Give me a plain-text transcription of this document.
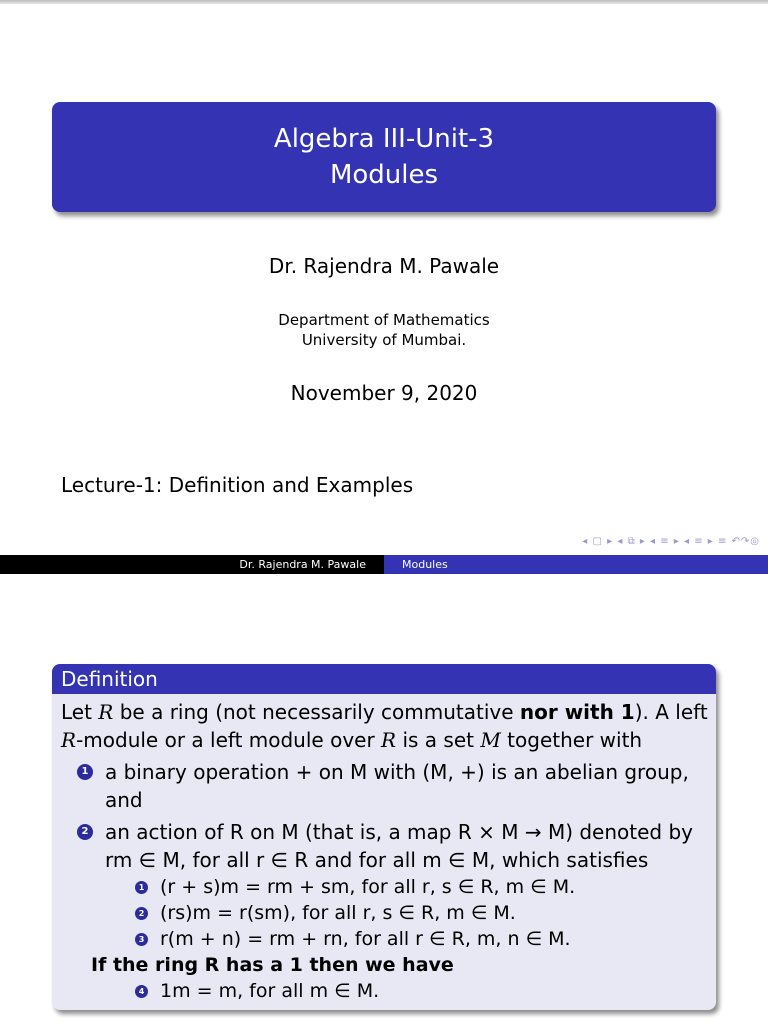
Algebra III-Unit-3
Modules
Dr. Rajendra M. Pawale
Department of Mathematics
University of Mumbai.
November 9, 2020
Lecture-1: Definition and Examples
◂ ▢ ▸ ◂ ⧉ ▸ ◂ ≡ ▸ ◂ ≡ ▸ ≡ ↶↷◎
Dr. Rajendra M. Pawale	Modules
Definition
Let R be a ring (not necessarily commutative nor with 1). A left R-module or a left module over R is a set M together with
1 a binary operation + on M with (M, +) is an abelian group, and
2 an action of R on M (that is, a map R × M → M) denoted by rm ∈ M, for all r ∈ R and for all m ∈ M, which satisfies
1 (r + s)m = rm + sm, for all r, s ∈ R, m ∈ M.
2 (rs)m = r(sm), for all r, s ∈ R, m ∈ M.
3 r(m + n) = rm + rn, for all r ∈ R, m, n ∈ M.
If the ring R has a 1 then we have
4 1m = m, for all m ∈ M.
